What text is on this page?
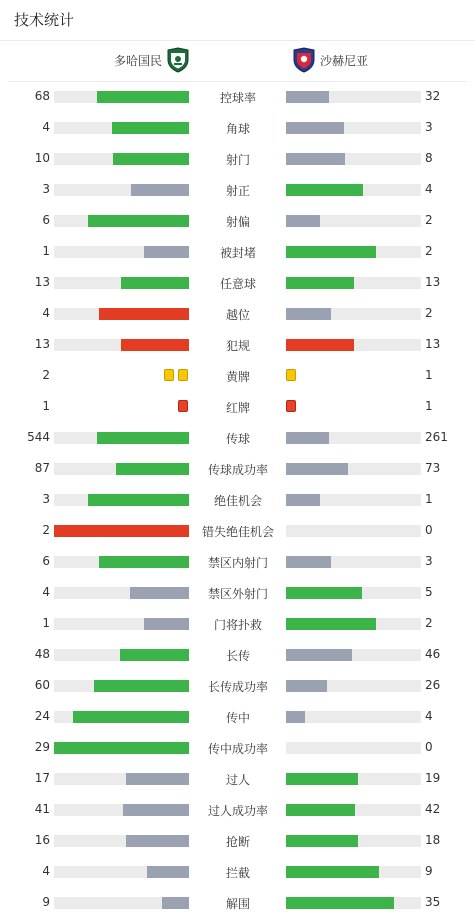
技术统计
多哈国民	沙赫尼亚
68	控球率	32
4	角球	3
10	射门	8
3	射正	4
6	射偏	2
1	被封堵	2
13	任意球	13
4	越位	2
13	犯规	13
2	黄牌	1
1	红牌	1
544	传球	261
87	传球成功率	73
3	绝佳机会	1
2	错失绝佳机会	0
6	禁区内射门	3
4	禁区外射门	5
1	门将扑救	2
48	长传	46
60	长传成功率	26
24	传中	4
29	传中成功率	0
17	过人	19
41	过人成功率	42
16	抢断	18
4	拦截	9
9	解围	35
